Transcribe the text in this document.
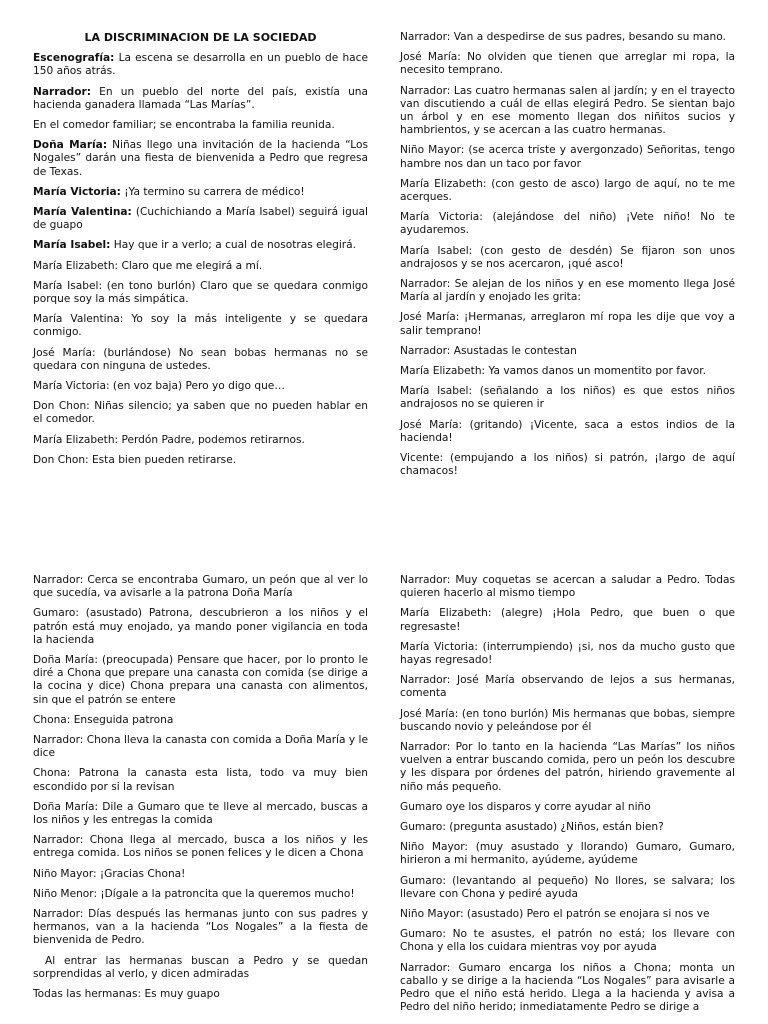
LA DISCRIMINACION DE LA SOCIEDAD

Escenografía: La escena se desarrolla en un pueblo de hace 150 años atrás.

Narrador: En un pueblo del norte del país, existía una hacienda ganadera llamada “Las Marías”.

En el comedor familiar; se encontraba la familia reunida.

Doña María: Niñas llego una invitación de la hacienda “Los Nogales” darán una fiesta de bienvenida a Pedro que regresa de Texas.

María Victoria: ¡Ya termino su carrera de médico!

María Valentina: (Cuchichiando a María Isabel) seguirá igual de guapo

María Isabel: Hay que ir a verlo; a cual de nosotras elegirá.

María Elizabeth: Claro que me elegirá a mí.

María Isabel: (en tono burlón) Claro que se quedara conmigo porque soy la más simpática.

María Valentina: Yo soy la más inteligente y se quedara conmigo.

José María: (burlándose) No sean bobas hermanas no se quedara con ninguna de ustedes.

María Victoria: (en voz baja) Pero yo digo que…

Don Chon: Niñas silencio; ya saben que no pueden hablar en el comedor.

María Elizabeth: Perdón Padre, podemos retirarnos.

Don Chon: Esta bien pueden retirarse.

Narrador: Van a despedirse de sus padres, besando su mano.

José María: No olviden que tienen que arreglar mi ropa, la necesito temprano.

Narrador: Las cuatro hermanas salen al jardín; y en el trayecto van discutiendo a cuál de ellas elegirá Pedro. Se sientan bajo un árbol y en ese momento llegan dos niñitos sucios y hambrientos, y se acercan a las cuatro hermanas.

Niño Mayor: (se acerca triste y avergonzado) Señoritas, tengo hambre nos dan un taco por favor

María Elizabeth: (con gesto de asco) largo de aquí, no te me acerques.

María Victoria: (alejándose del niño) ¡Vete niño! No te ayudaremos.

María Isabel: (con gesto de desdén) Se fijaron son unos andrajosos y se nos acercaron, ¡qué asco!

Narrador: Se alejan de los niños y en ese momento llega José María al jardín y enojado les grita:

José María: ¡Hermanas, arreglaron mí ropa les dije que voy a salir temprano!

Narrador: Asustadas le contestan

María Elizabeth: Ya vamos danos un momentito por favor.

María Isabel: (señalando a los niños) es que estos niños andrajosos no se quieren ir

José María: (gritando) ¡Vicente, saca a estos indios de la hacienda!

Vicente: (empujando a los niños) si patrón, ¡largo de aquí chamacos!

Narrador: Cerca se encontraba Gumaro, un peón que al ver lo que sucedía, va avisarle a la patrona Doña María

Gumaro: (asustado) Patrona, descubrieron a los niños y el patrón está muy enojado, ya mando poner vigilancia en toda la hacienda

Doña María: (preocupada) Pensare que hacer, por lo pronto le diré a Chona que prepare una canasta con comida (se dirige a la cocina y dice) Chona prepara una canasta con alimentos, sin que el patrón se entere

Chona: Enseguida patrona

Narrador: Chona lleva la canasta con comida a Doña María y le dice

Chona: Patrona la canasta esta lista, todo va muy bien escondido por si la revisan

Doña María: Dile a Gumaro que te lleve al mercado, buscas a los niños y les entregas la comida

Narrador: Chona llega al mercado, busca a los niños y les entrega comida. Los niños se ponen felices y le dicen a Chona

Niño Mayor: ¡Gracias Chona!

Niño Menor: ¡Dígale a la patroncita que la queremos mucho!

Narrador: Días después las hermanas junto con sus padres y hermanos, van a la hacienda “Los Nogales” a la fiesta de bienvenida de Pedro.

Al entrar las hermanas buscan a Pedro y se quedan sorprendidas al verlo, y dicen admiradas

Todas las hermanas: Es muy guapo

Narrador: Muy coquetas se acercan a saludar a Pedro. Todas quieren hacerlo al mismo tiempo

María Elizabeth: (alegre) ¡Hola Pedro, que buen o que regresaste!

María Victoria: (interrumpiendo) ¡si, nos da mucho gusto que hayas regresado!

Narrador: José María observando de lejos a sus hermanas, comenta

José María: (en tono burlón) Mis hermanas que bobas, siempre buscando novio y peleándose por él

Narrador: Por lo tanto en la hacienda “Las Marías” los niños vuelven a entrar buscando comida, pero un peón los descubre y les dispara por órdenes del patrón, hiriendo gravemente al niño más pequeño.

Gumaro oye los disparos y corre ayudar al niño

Gumaro: (pregunta asustado) ¿Niños, están bien?

Niño Mayor: (muy asustado y llorando) Gumaro, Gumaro, hirieron a mi hermanito, ayúdeme, ayúdeme

Gumaro: (levantando al pequeño) No llores, se salvara; los llevare con Chona y pediré ayuda

Niño Mayor: (asustado) Pero el patrón se enojara si nos ve

Gumaro: No te asustes, el patrón no está; los llevare con Chona y ella los cuidara mientras voy por ayuda

Narrador: Gumaro encarga los niños a Chona; monta un caballo y se dirige a la hacienda “Los Nogales” para avisarle a Pedro que el niño está herido. Llega a la hacienda y avisa a Pedro del niño herido; inmediatamente Pedro se dirige a
